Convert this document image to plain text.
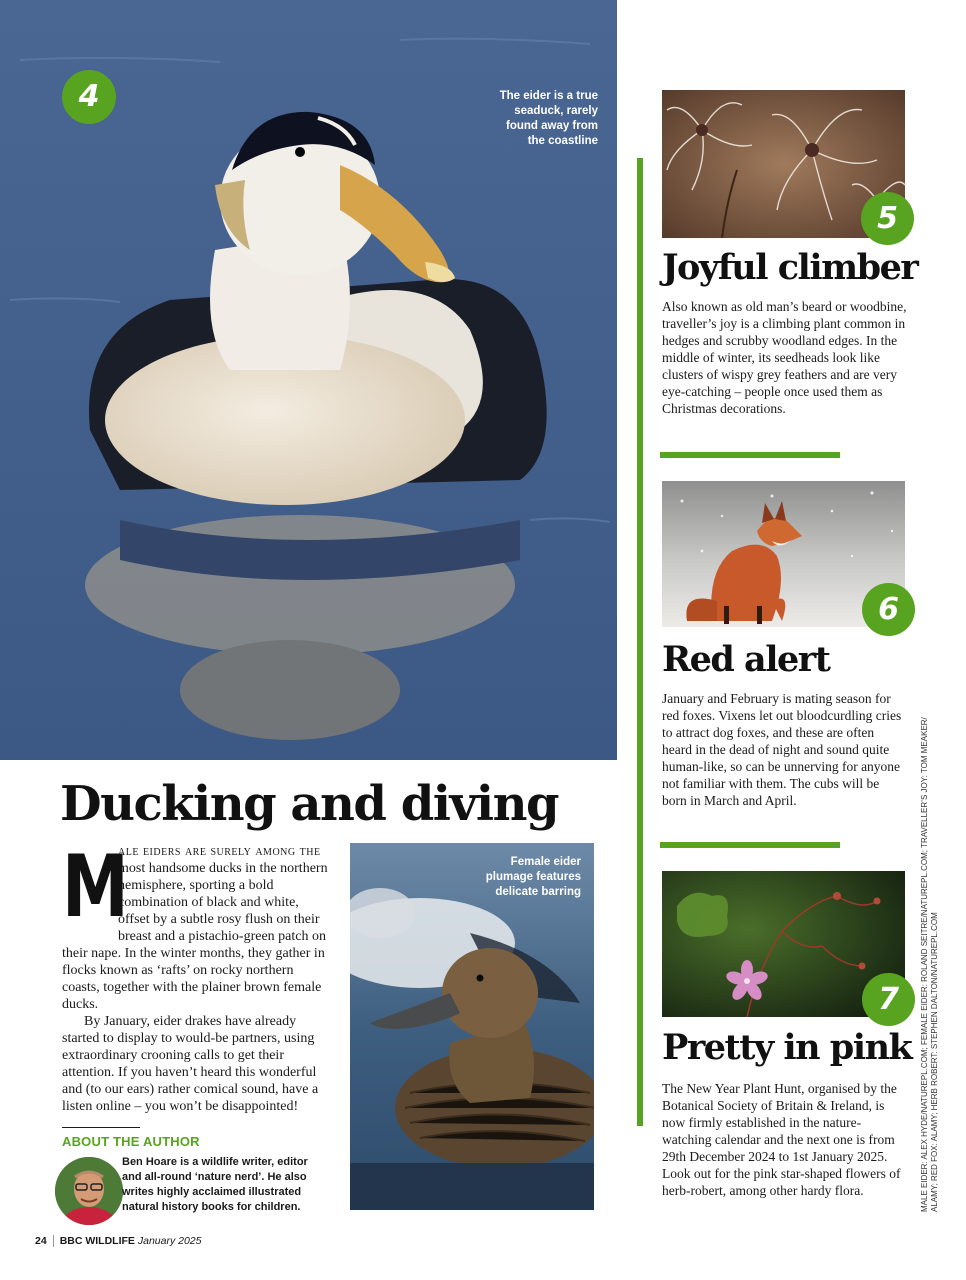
4	The eider is a true
seaduck, rarely
found away from
the coastline
Ducking and diving
M
ale eiders are surely among the most handsome ducks in the northern hemisphere, sporting a bold combination of black and white, offset by a subtle rosy flush on their breast and a pistachio-green patch on their nape. In the winter months, they gather in flocks known as ‘rafts’ on rocky northern coasts, together with the plainer brown female ducks.
By January, eider drakes have already started to display to would-be partners, using extraordinary crooning calls to get their attention. If you haven’t heard this wonderful and (to our ears) rather comical sound, have a listen online – you won’t be disappointed!
Female eider
plumage features
delicate barring
ABOUT THE AUTHOR
Ben Hoare is a wildlife writer, editor and all-round ‘nature nerd’. He also writes highly acclaimed illustrated natural history books for children.
24 BBC WILDLIFE January 2025
5
Joyful climber
Also known as old man’s beard or woodbine, traveller’s joy is a climbing plant common in hedges and scrubby woodland edges. In the middle of winter, its seedheads look like clusters of wispy grey feathers and are very eye-catching – people once used them as Christmas decorations.
6
Red alert
January and February is mating season for red foxes. Vixens let out bloodcurdling cries to attract dog foxes, and these are often heard in the dead of night and sound quite human-like, so can be unnerving for anyone not familiar with them. The cubs will be born in March and April.
7
Pretty in pink
The New Year Plant Hunt, organised by the Botanical Society of Britain & Ireland, is now firmly established in the nature-watching calendar and the next one is from 29th December 2024 to 1st January 2025. Look out for the pink star-shaped flowers of herb-robert, among other hardy flora.	MALE EIDER: ALEX HYDE/NATUREPL.COM; FEMALE EIDER: ROLAND SEITRE/NATUREPL.COM; TRAVELLER’S JOY: TOM MEAKER/ ALAMY; RED FOX: ALAMY; HERB ROBERT: STEPHEN DALTON/NATUREPL.COM
